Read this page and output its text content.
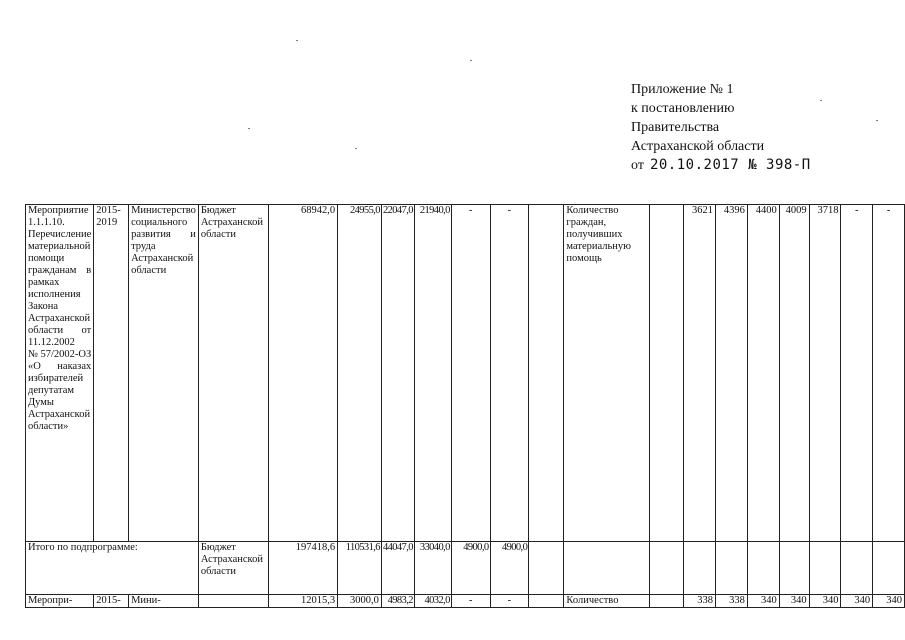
Приложение № 1
к постановлению
Правительства
Астраханской области
от 20.10.2017 № 398-П
Мероприятие 1.1.1.10. Перечисление материальной помощи гражданам в рамках исполнения Закона Астраханской области от 11.12.2002 №57/2002-ОЗ «О наказах избирателей депутатам Думы Астраханской области»	2015-2019	Министерство социального развития и труда Астраханской области	Бюджет Астраханской области	68942,0	24955,0	22047,0	21940,0	-	-		Количество граждан, получивших материальную помощь		3621	4396	4400	4009	3718	-	-
Итого по подпрограмме:			Бюджет Астраханской области	197418,6	110531,6	44047,0	33040,0	4900,0	4900,0										
Меропри-	2015-	Мини-		12015,3	3000,0	4983,2	4032,0	-	-		Количество		338	338	340	340	340	340	340
